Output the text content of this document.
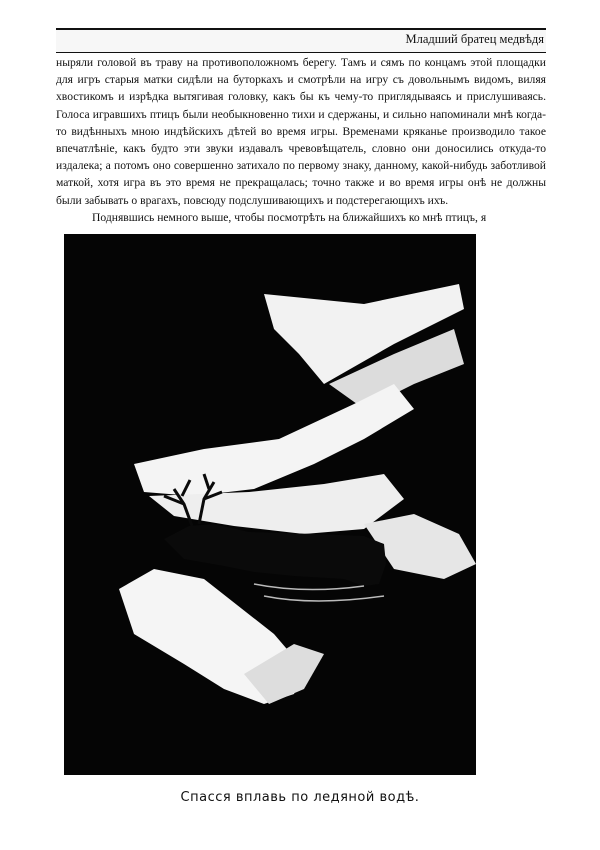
Младший братец медвѣдя

ныряли головой въ траву на противоположномъ берегу. Тамъ и сямъ по концамъ этой площадки для игръ старыя матки сидѣли на буторкахъ и смотрѣли на игру съ довольнымъ видомъ, виляя хвостикомъ и изрѣдка вытягивая головку, какъ бы къ чему-то приглядываясь и прислушиваясь. Голоса игравшихъ птицъ были необыкновенно тихи и сдержаны, и сильно напоминали мнѣ когда-то видѣнныхъ мною индѣйскихъ дѣтей во время игры. Временами кряканье производило такое впечатлѣніе, какъ будто эти звуки издавалъ чревовѣщатель, словно они доносились откуда-то издалека; а потомъ оно совершенно затихало по первому знаку, данному, какой-нибудь заботливой маткой, хотя игра въ это время не прекращалась; точно также и во время игры онѣ не должны были забывать о врагахъ, повсюду подслушивающихъ и подстерегающихъ ихъ.

Поднявшись немного выше, чтобы посмотрѣть на ближайшихъ ко мнѣ птицъ, я

Спасся вплавь по ледяной водѣ.
